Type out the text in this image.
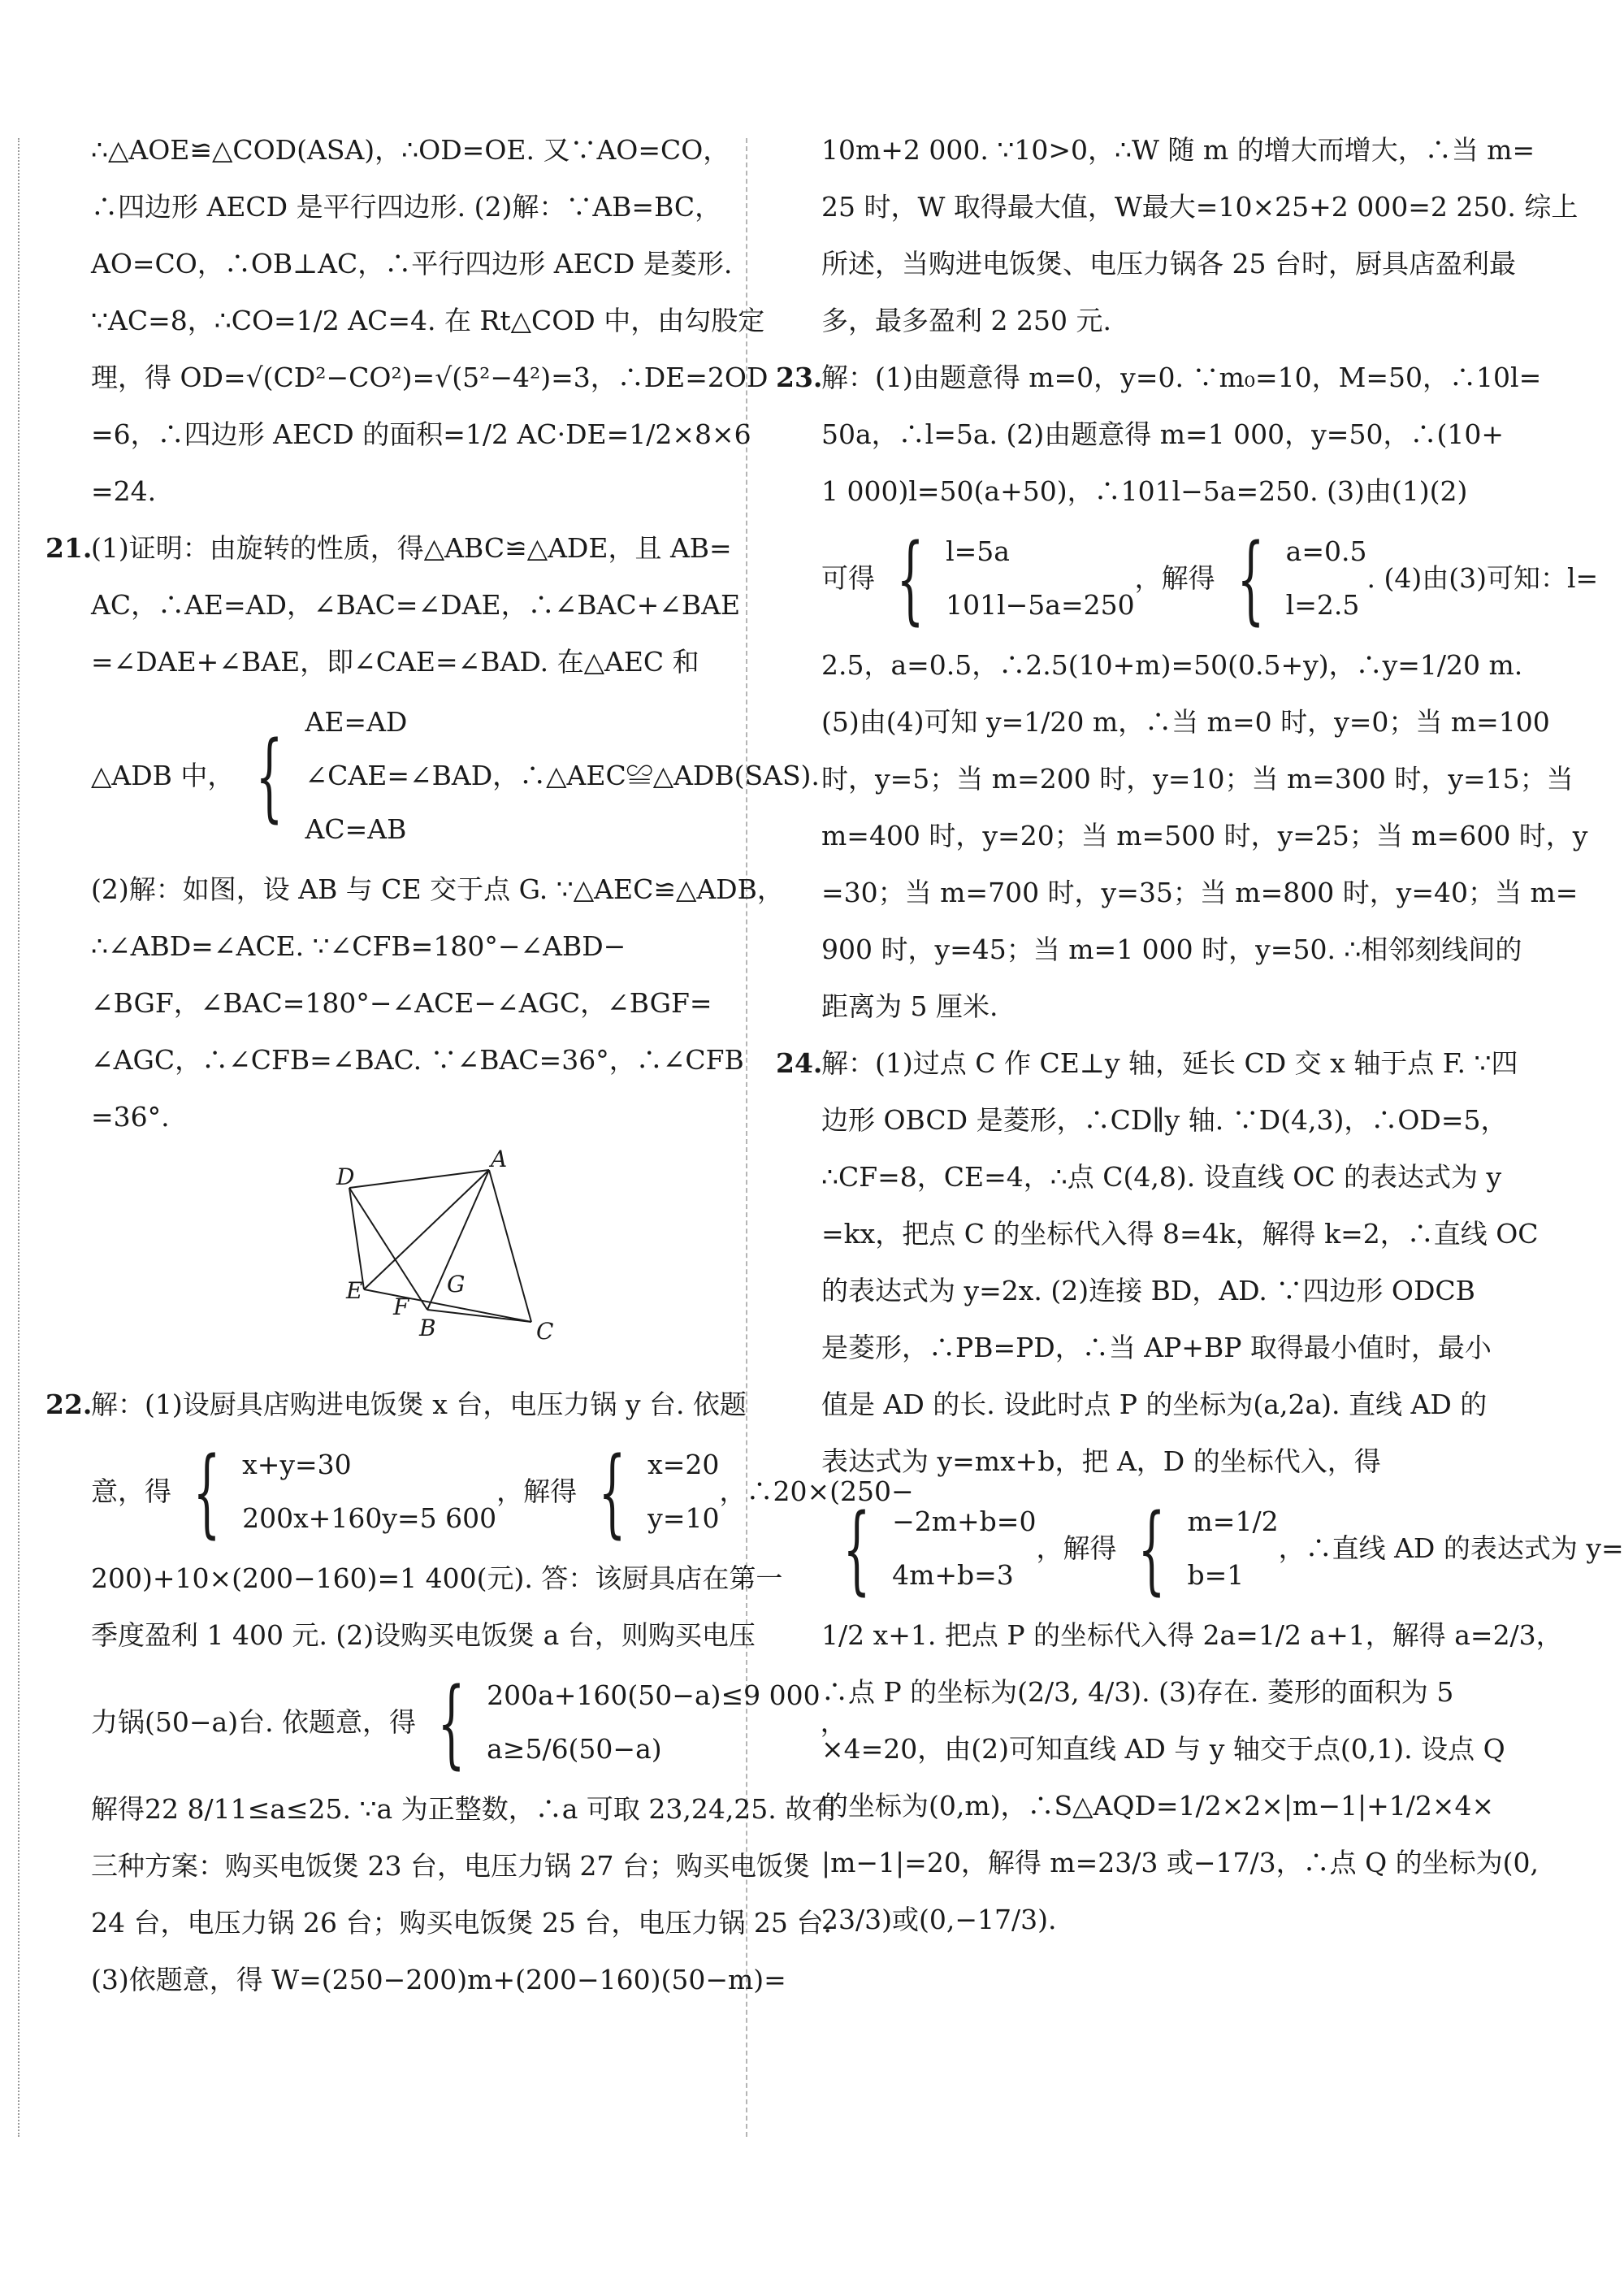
∴△AOE≌△COD(ASA)，∴OD=OE. 又∵AO=CO，

∴四边形 AECD 是平行四边形. (2)解：∵AB=BC，

AO=CO，∴OB⊥AC，∴平行四边形 AECD 是菱形.

∵AC=8，∴CO=1/2 AC=4. 在 Rt△COD 中，由勾股定

理，得 OD=√(CD²−CO²)=√(5²−4²)=3，∴DE=2OD

=6，∴四边形 AECD 的面积=1/2 AC·DE=1/2×8×6

=24.

21.(1)证明：由旋转的性质，得△ABC≌△ADE，且 AB=

AC，∴AE=AD，∠BAC=∠DAE，∴∠BAC+∠BAE

=∠DAE+∠BAE，即∠CAE=∠BAD. 在△AEC 和

△ADB 中， { AE=AD
∠CAE=∠BAD，∴△AEC≌△ADB(SAS).
AC=AB

(2)解：如图，设 AB 与 CE 交于点 G. ∵△AEC≌△ADB，

∴∠ABD=∠ACE. ∵∠CFB=180°−∠ABD−

∠BGF，∠BAC=180°−∠ACE−∠AGC，∠BGF=

∠AGC，∴∠CFB=∠BAC. ∵∠BAC=36°，∴∠CFB

=36°.

D
A
E
F
G
B	C

22.解：(1)设厨具店购进电饭煲 x 台，电压力锅 y 台. 依题

意，得 { x+y=30
200x+160y=5 600
，解得 { x=20
y=10
，∴20×(250−

200)+10×(200−160)=1 400(元). 答：该厨具店在第一

季度盈利 1 400 元. (2)设购买电饭煲 a 台，则购买电压

力锅(50−a)台. 依题意，得 { 200a+160(50−a)≤9 000
a≥5/6(50−a)
，

解得22 8/11≤a≤25. ∵a 为正整数，∴a 可取 23,24,25. 故有

三种方案：购买电饭煲 23 台，电压力锅 27 台；购买电饭煲

24 台，电压力锅 26 台；购买电饭煲 25 台，电压力锅 25 台.

(3)依题意，得 W=(250−200)m+(200−160)(50−m)=

10m+2 000. ∵10>0，∴W 随 m 的增大而增大，∴当 m=

25 时，W 取得最大值，W最大=10×25+2 000=2 250. 综上

所述，当购进电饭煲、电压力锅各 25 台时，厨具店盈利最

多，最多盈利 2 250 元.

23.解：(1)由题意得 m=0，y=0. ∵m₀=10，M=50，∴10l=

50a，∴l=5a. (2)由题意得 m=1 000，y=50，∴(10+

1 000)l=50(a+50)，∴101l−5a=250. (3)由(1)(2)

可得 { l=5a
101l−5a=250
，解得 { a=0.5
l=2.5
. (4)由(3)可知：l=

2.5，a=0.5，∴2.5(10+m)=50(0.5+y)，∴y=1/20 m.

(5)由(4)可知 y=1/20 m，∴当 m=0 时，y=0；当 m=100

时，y=5；当 m=200 时，y=10；当 m=300 时，y=15；当

m=400 时，y=20；当 m=500 时，y=25；当 m=600 时，y

=30；当 m=700 时，y=35；当 m=800 时，y=40；当 m=

900 时，y=45；当 m=1 000 时，y=50. ∴相邻刻线间的

距离为 5 厘米.

24.解：(1)过点 C 作 CE⊥y 轴，延长 CD 交 x 轴于点 F. ∵四

边形 OBCD 是菱形，∴CD∥y 轴. ∵D(4,3)，∴OD=5，

∴CF=8，CE=4，∴点 C(4,8). 设直线 OC 的表达式为 y

=kx，把点 C 的坐标代入得 8=4k，解得 k=2，∴直线 OC

的表达式为 y=2x. (2)连接 BD，AD. ∵四边形 ODCB

是菱形，∴PB=PD，∴当 AP+BP 取得最小值时，最小

值是 AD 的长. 设此时点 P 的坐标为(a,2a). 直线 AD 的

表达式为 y=mx+b，把 A，D 的坐标代入，得

{ −2m+b=0
4m+b=3
，解得 { m=1/2
b=1
，∴直线 AD 的表达式为 y=

1/2 x+1. 把点 P 的坐标代入得 2a=1/2 a+1，解得 a=2/3，

∴点 P 的坐标为(2/3, 4/3). (3)存在. 菱形的面积为 5

×4=20，由(2)可知直线 AD 与 y 轴交于点(0,1). 设点 Q

的坐标为(0,m)，∴S△AQD=1/2×2×|m−1|+1/2×4×

|m−1|=20，解得 m=23/3 或−17/3，∴点 Q 的坐标为(0,

23/3)或(0,−17/3).
